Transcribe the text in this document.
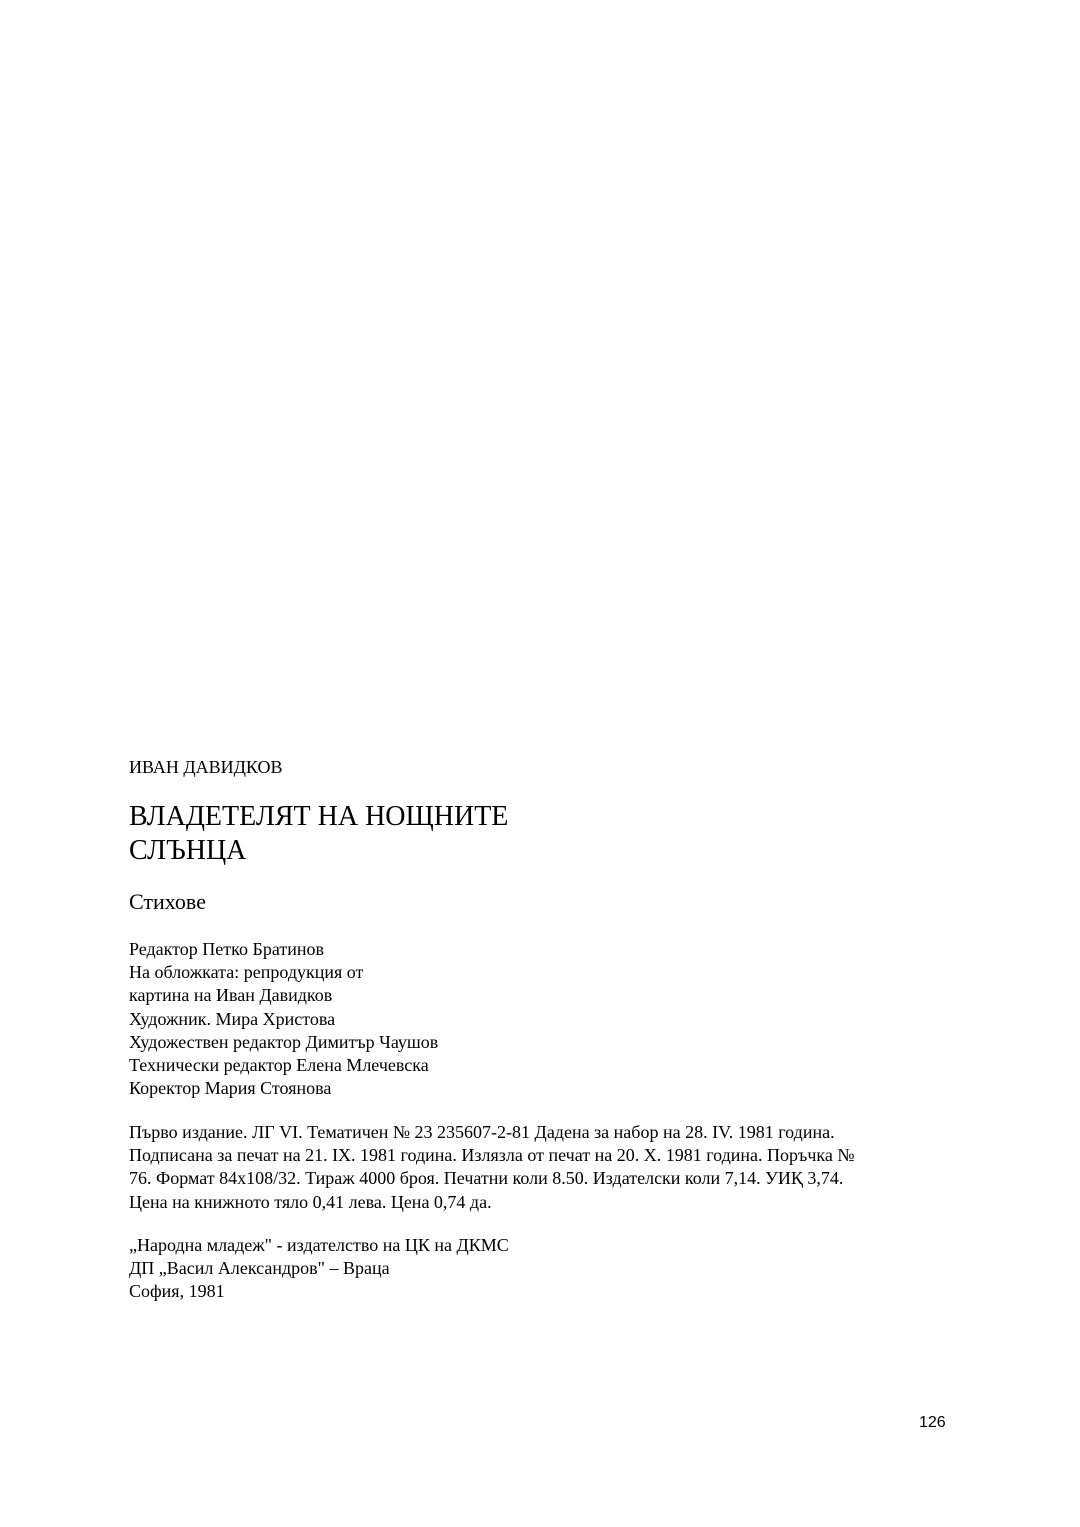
ИВАН ДАВИДКОВ
ВЛАДЕТЕЛЯТ НА НОЩНИТЕ
СЛЪНЦА
Стихове
Редактор Петко Братинов
На обложката: репродукция от
картина на Иван Давидков
Художник. Мира Христова
Художествен редактор Димитър Чаушов
Технически редактор Елена Млечевска
Коректор Мария Стоянова
Първо издание. ЛГ VI. Тематичен № 23 235607-2-81 Дадена за набор на 28. IV. 1981 година.
Подписана за печат на 21. IX. 1981 година. Излязла от печат на 20. X. 1981 година. Поръчка №
76. Формат 84х108/32. Тираж 4000 броя. Печатни коли 8.50. Издателски коли 7,14. УИҚ 3,74.
Цена на книжното тяло 0,41 лева. Цена 0,74 да.
„Народна младеж" - издателство на ЦК на ДКМС
ДП „Васил Александров" – Враца
София, 1981
126
